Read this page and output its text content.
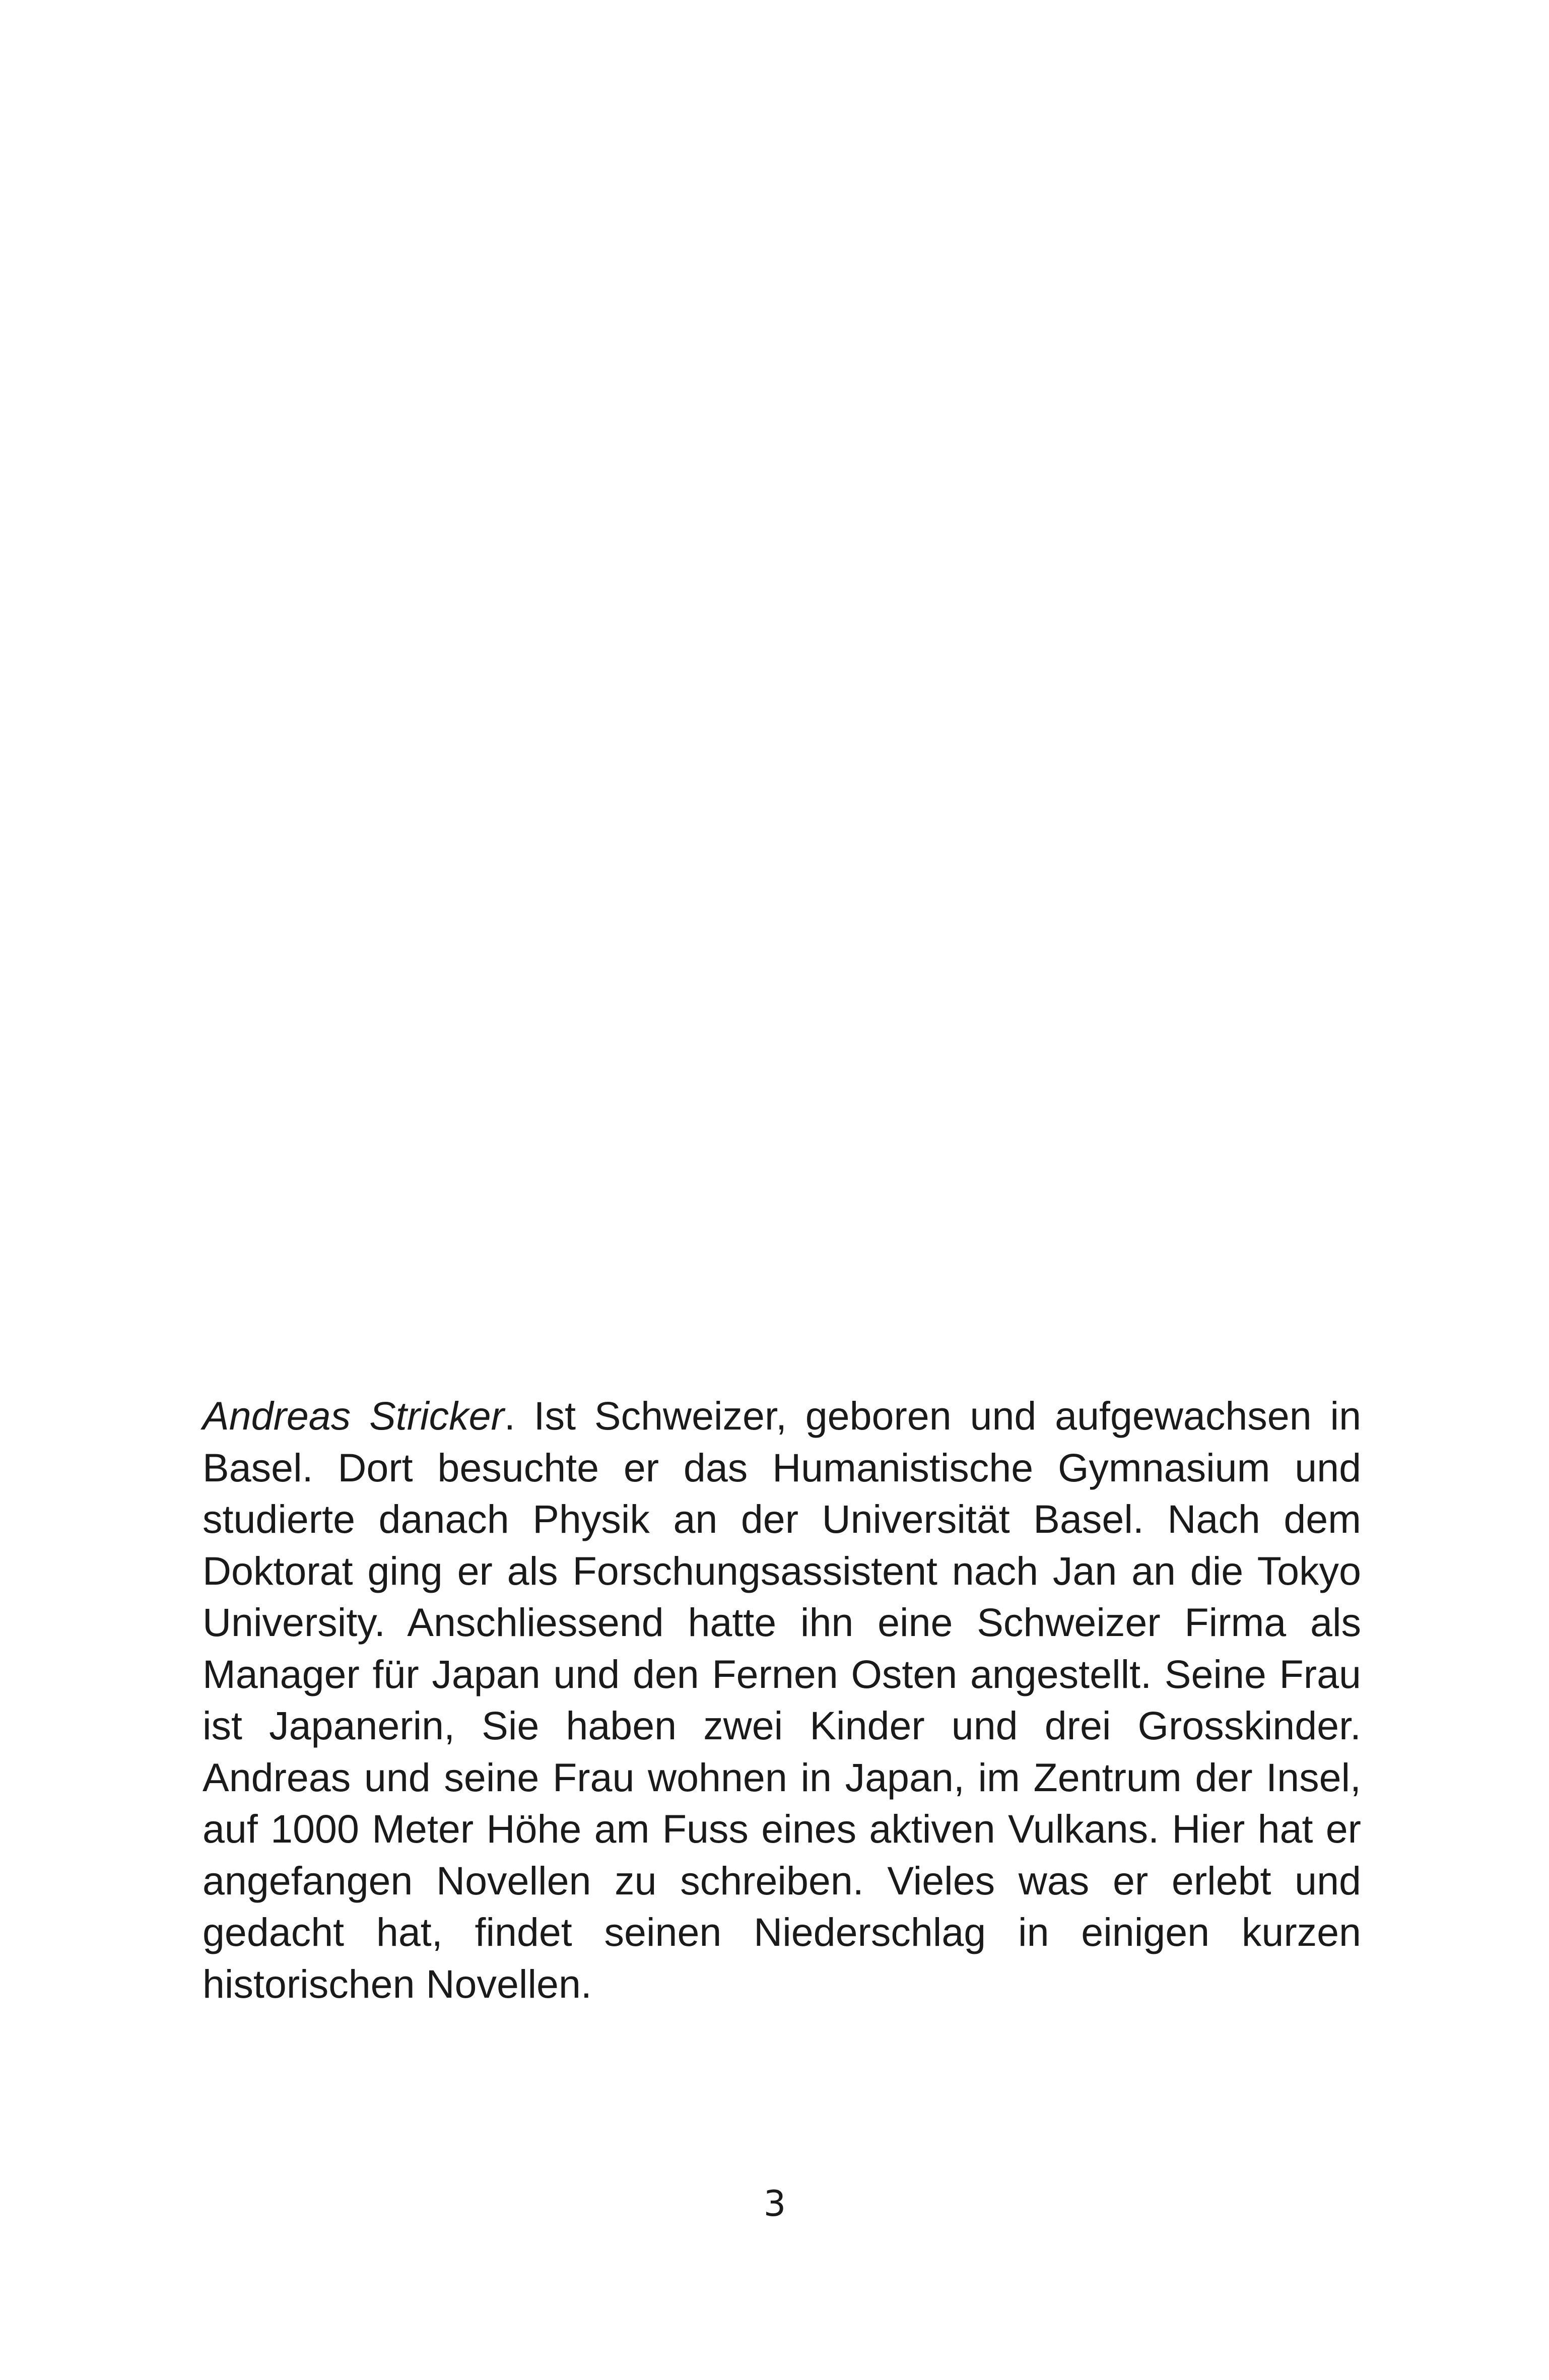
Andreas Stricker. Ist Schweizer, geboren und aufgewachsen in Basel. Dort besuchte er das Humanistische Gymnasium und studierte danach Physik an der Universität Basel. Nach dem Doktorat ging er als Forschungsassistent nach Jan an die Tokyo University. Anschliessend hatte ihn eine Schweizer Firma als Manager für Japan und den Fernen Osten angestellt. Seine Frau ist Japanerin, Sie haben zwei Kinder und drei Grosskinder. Andreas und seine Frau wohnen in Japan, im Zentrum der Insel, auf 1000 Meter Höhe am Fuss eines aktiven Vulkans. Hier hat er angefangen Novellen zu schreiben. Vieles was er erlebt und gedacht hat, findet seinen Niederschlag in einigen kurzen historischen Novellen.

3
